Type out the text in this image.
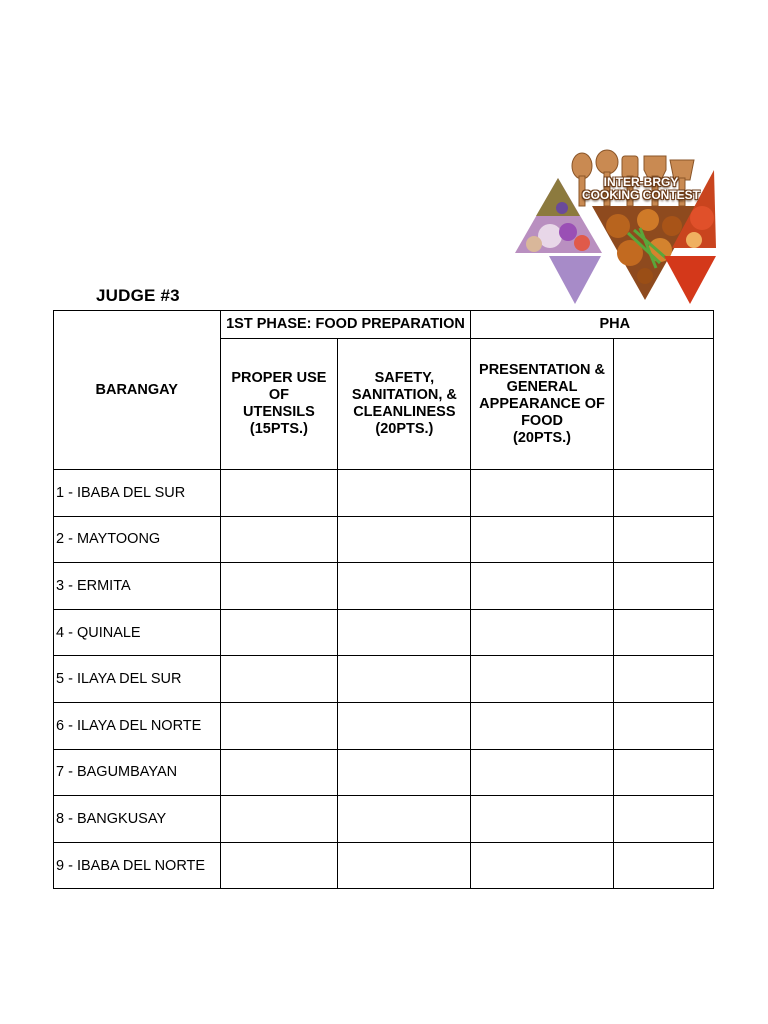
JUDGE #3
INTER-BRGY
COOKING CONTEST
BARANGAY	1ST PHASE: FOOD PREPARATION		PHA	

	PROPER USE OF
UTENSILS
(15PTS.)	SAFETY,
SANITATION, &
CLEANLINESS
(20PTS.)	PRESENTATION &
GENERAL
APPEARANCE OF
FOOD
(20PTS.)	

1 - IBABA DEL SUR				
2 - MAYTOONG				
3 - ERMITA				
4 - QUINALE				
5 - ILAYA DEL SUR				
6 - ILAYA DEL NORTE				
7 - BAGUMBAYAN				
8 - BANGKUSAY				
9 - IBABA DEL NORTE				
